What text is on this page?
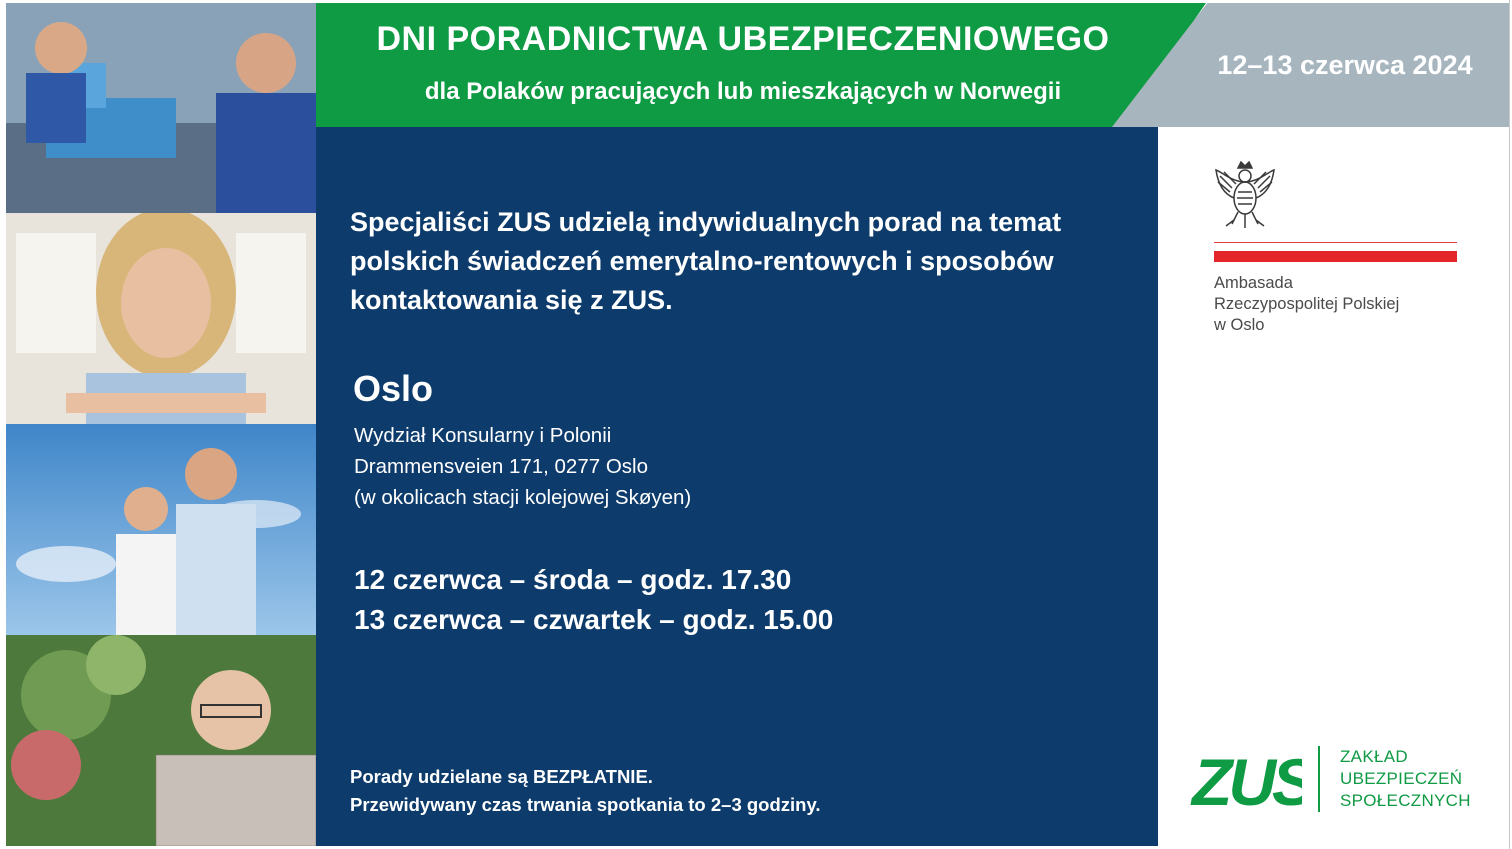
DNI PORADNICTWA UBEZPIECZENIOWEGO
dla Polaków pracujących lub mieszkających w Norwegii
12–13 czerwca 2024
Specjaliści ZUS udzielą indywidualnych porad na temat
polskich świadczeń emerytalno-rentowych i sposobów
kontaktowania się z ZUS.
Oslo
Wydział Konsularny i Polonii
Drammensveien 171, 0277 Oslo
(w okolicach stacji kolejowej Skøyen)
12 czerwca – środa – godz. 17.30
13 czerwca – czwartek – godz. 15.00
Porady udzielane są BEZPŁATNIE.
Przewidywany czas trwania spotkania to 2–3 godziny.
Ambasada
Rzeczypospolitej Polskiej
w Oslo
ZUS ZAKŁAD
UBEZPIECZEŃ
SPOŁECZNYCH
